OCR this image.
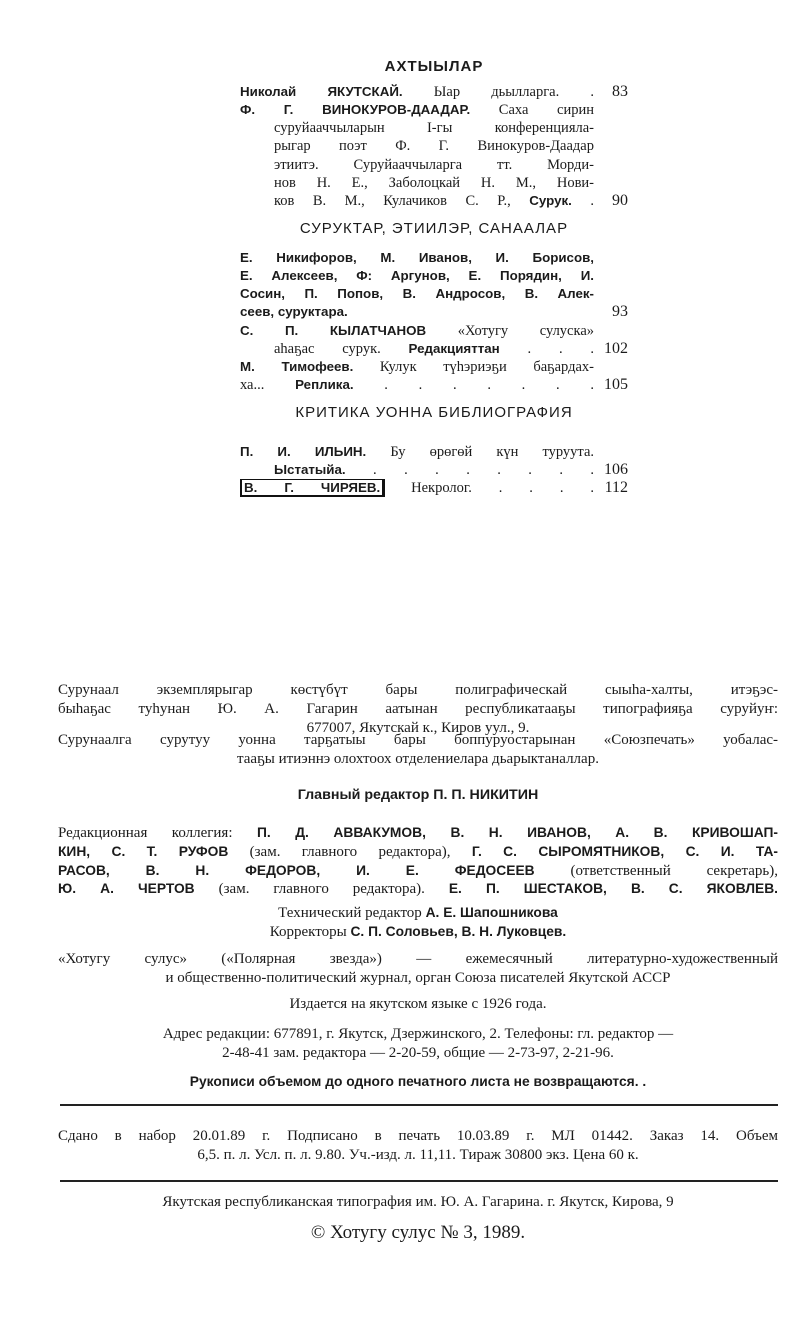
АХТЫЫЛАР
Николай ЯКУТСКАЙ. Ыар дьылларга. .	83
Ф. Г. ВИНОКУРОВ-ДААДАР. Саха сирин
суруйааччыларын I-гы конференцияла-
рыгар поэт Ф. Г. Винокуров-Даадар
этиитэ. Суруйааччыларга тт. Морди-
нов Н. Е., Заболоцкай Н. М., Нови-
ков В. М., Кулачиков С. Р., Сурук. .	90
СУРУКТАР, ЭТИИЛЭР, САНААЛАР
Е. Никифоров, М. Иванов, И. Борисов,
Е. Алексеев, Ф: Аргунов, Е. Порядин, И.
Сосин, П. Попов, В. Андросов, В. Алек-
сеев, суруктара.	93
С. П. КЫЛАТЧАНОВ «Хотугу сулуска»
аhаҕас сурук. Редакцияттан . . . 102
М. Тимофеев. Кулук түhэриэҕи баҕардах-
ха... Реплика. . . . . . . . 105
КРИТИКА УОННА БИБЛИОГРАФИЯ
П. И. ИЛЬИН. Бу өрөгөй күн туруута.
Ыстатыйа. . . . . . . . . 106
В. Г. ЧИРЯЕВ. Некролог. . . . . 112
Сурунаал экземплярыгар көстүбүт бары полиграфическай сыыhа-халты, итэҕэс-
быhаҕас туhунан Ю. А. Гагарин аатынан республикатааҕы типографияҕа суруйуҥ:
677007, Якутскай к., Киров уул., 9.
Сурунаалга сурутуу уонна тарҕатыы бары боппуруостарынан «Союзпечать» уобалас-
тааҕы итиэннэ олохтоох отделениелара дьарыктаналлар.
Главный редактор П. П. НИКИТИН
Редакционная коллегия: П. Д. АВВАКУМОВ, В. Н. ИВАНОВ, А. В. КРИВОШАП-
КИН, С. Т. РУФОВ (зам. главного редактора), Г. С. СЫРОМЯТНИКОВ, С. И. ТА-
РАСОВ, В. Н. ФЕДОРОВ, И. Е. ФЕДОСЕЕВ (ответственный секретарь),
Ю. А. ЧЕРТОВ (зам. главного редактора). Е. П. ШЕСТАКОВ, В. С. ЯКОВЛЕВ.
Технический редактор А. Е. Шапошникова
Корректоры С. П. Соловьев, В. Н. Луковцев.
«Хотугу сулус» («Полярная звезда») — ежемесячный литературно-художественный
и общественно-политический журнал, орган Союза писателей Якутской АССР
Издается на якутском языке с 1926 года.
Адрес редакции: 677891, г. Якутск, Дзержинского, 2. Телефоны: гл. редактор —
2-48-41 зам. редактора — 2-20-59, общие — 2-73-97, 2-21-96.
Рукописи объемом до одного печатного листа не возвращаются. .
Сдано в набор 20.01.89 г. Подписано в печать 10.03.89 г. МЛ 01442. Заказ 14. Объем
6,5. п. л. Усл. п. л. 9.80. Уч.-изд. л. 11,11. Тираж 30800 экз. Цена 60 к.
Якутская республиканская типография им. Ю. А. Гагарина. г. Якутск, Кирова, 9
© Хотугу сулус № 3, 1989.
